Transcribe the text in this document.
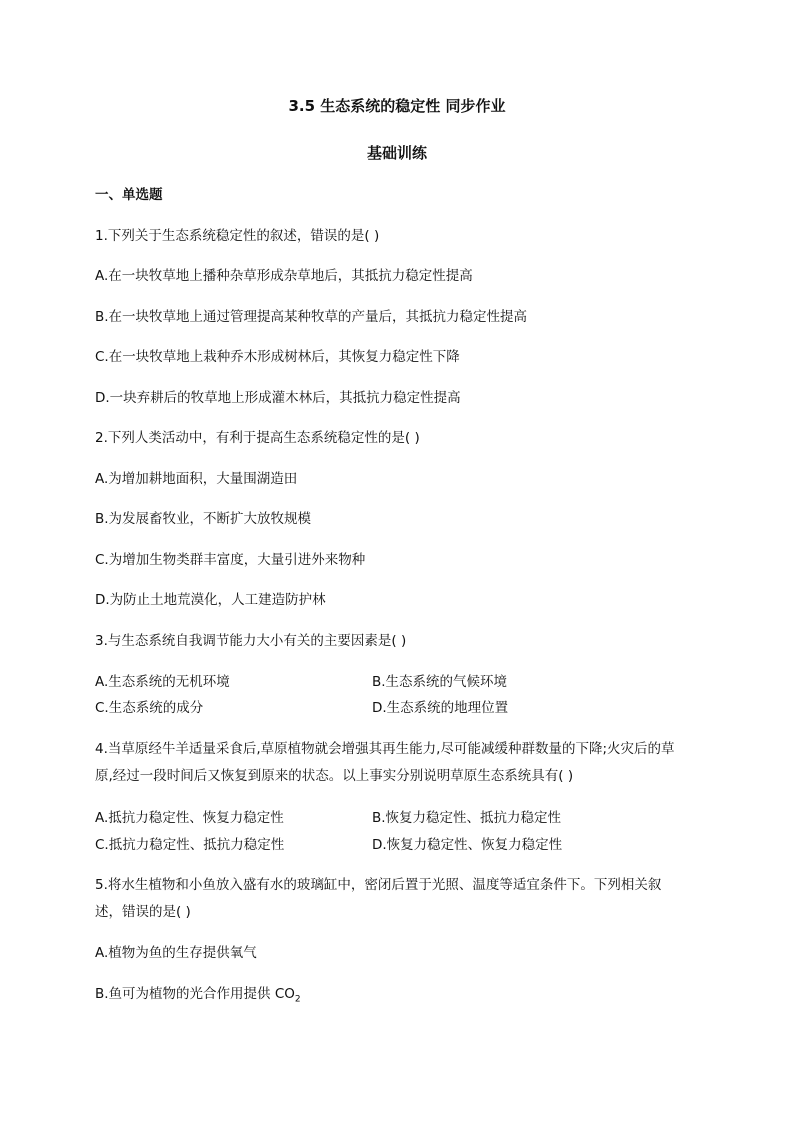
3.5 生态系统的稳定性 同步作业
基础训练
一、单选题
1.下列关于生态系统稳定性的叙述，错误的是( )
A.在一块牧草地上播种杂草形成杂草地后，其抵抗力稳定性提高
B.在一块牧草地上通过管理提高某种牧草的产量后，其抵抗力稳定性提高
C.在一块牧草地上栽种乔木形成树林后，其恢复力稳定性下降
D.一块弃耕后的牧草地上形成灌木林后，其抵抗力稳定性提高
2.下列人类活动中，有利于提高生态系统稳定性的是( )
A.为增加耕地面积，大量围湖造田
B.为发展畜牧业，不断扩大放牧规模
C.为增加生物类群丰富度，大量引进外来物种
D.为防止土地荒漠化，人工建造防护林
3.与生态系统自我调节能力大小有关的主要因素是( )
A.生态系统的无机环境	B.生态系统的气候环境
C.生态系统的成分	D.生态系统的地理位置
4.当草原经牛羊适量采食后,草原植物就会增强其再生能力,尽可能减缓种群数量的下降;火灾后的草
原,经过一段时间后又恢复到原来的状态。以上事实分别说明草原生态系统具有( )
A.抵抗力稳定性、恢复力稳定性	B.恢复力稳定性、抵抗力稳定性
C.抵抗力稳定性、抵抗力稳定性	D.恢复力稳定性、恢复力稳定性
5.将水生植物和小鱼放入盛有水的玻璃缸中，密闭后置于光照、温度等适宜条件下。下列相关叙
述，错误的是( )
A.植物为鱼的生存提供氧气
B.鱼可为植物的光合作用提供 $CO_2$
